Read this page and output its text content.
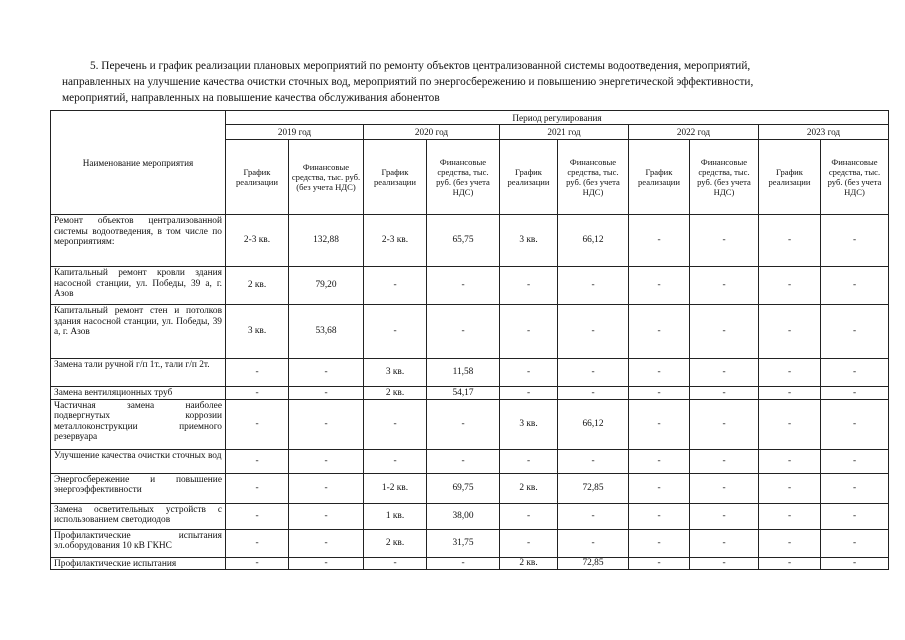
5. Перечень и график реализации плановых мероприятий по ремонту объектов централизованной системы водоотведения, мероприятий,
направленных на улучшение качества очистки сточных вод, мероприятий по энергосбережению и повышению энергетической эффективности,
мероприятий, направленных на повышение качества обслуживания абонентов
Наименование мероприятия	Период регулирования									
	2019 год		2020 год		2021 год		2022 год		2023 год	
	График реализации	Финансовые средства, тыс. руб. (без учета НДС)	График реализации	Финансовые средства, тыс. руб. (без учета НДС)	График реализации	Финансовые средства, тыс. руб. (без учета НДС)	График реализации	Финансовые средства, тыс. руб. (без учета НДС)	График реализации	Финансовые средства, тыс. руб. (без учета НДС)
Ремонт объектов централизованной системы водоотведения, в том числе по мероприятиям:	2-3 кв.	132,88	2-3 кв.	65,75	3 кв.	66,12	-	-	-	-
Капитальный ремонт кровли здания насосной станции, ул. Победы, 39 а, г. Азов	2 кв.	79,20	-	-	-	-	-	-	-	-
Капитальный ремонт стен и потолков здания насосной станции, ул. Победы, 39 а, г. Азов	3 кв.	53,68	-	-	-	-	-	-	-	-
Замена тали ручной г/п 1т., тали г/п 2т.	-	-	3 кв.	11,58	-	-	-	-	-	-
Замена вентиляционных труб	-	-	2 кв.	54,17	-	-	-	-	-	-
Частичная замена наиболее подвергнутых коррозии металлоконструкции приемного резервуара	-	-	-	-	3 кв.	66,12	-	-	-	-
Улучшение качества очистки сточных вод	-	-	-	-	-	-	-	-	-	-
Энергосбережение и повышение энергоэффективности	-	-	1-2 кв.	69,75	2 кв.	72,85	-	-	-	-
Замена осветительных устройств с использованием светодиодов	-	-	1 кв.	38,00	-	-	-	-	-	-
Профилактические испытания эл.оборудования 10 кВ ГКНС	-	-	2 кв.	31,75	-	-	-	-	-	-
Профилактические испытания	-	-	-	-	2 кв.	72,85	-	-	-	-
